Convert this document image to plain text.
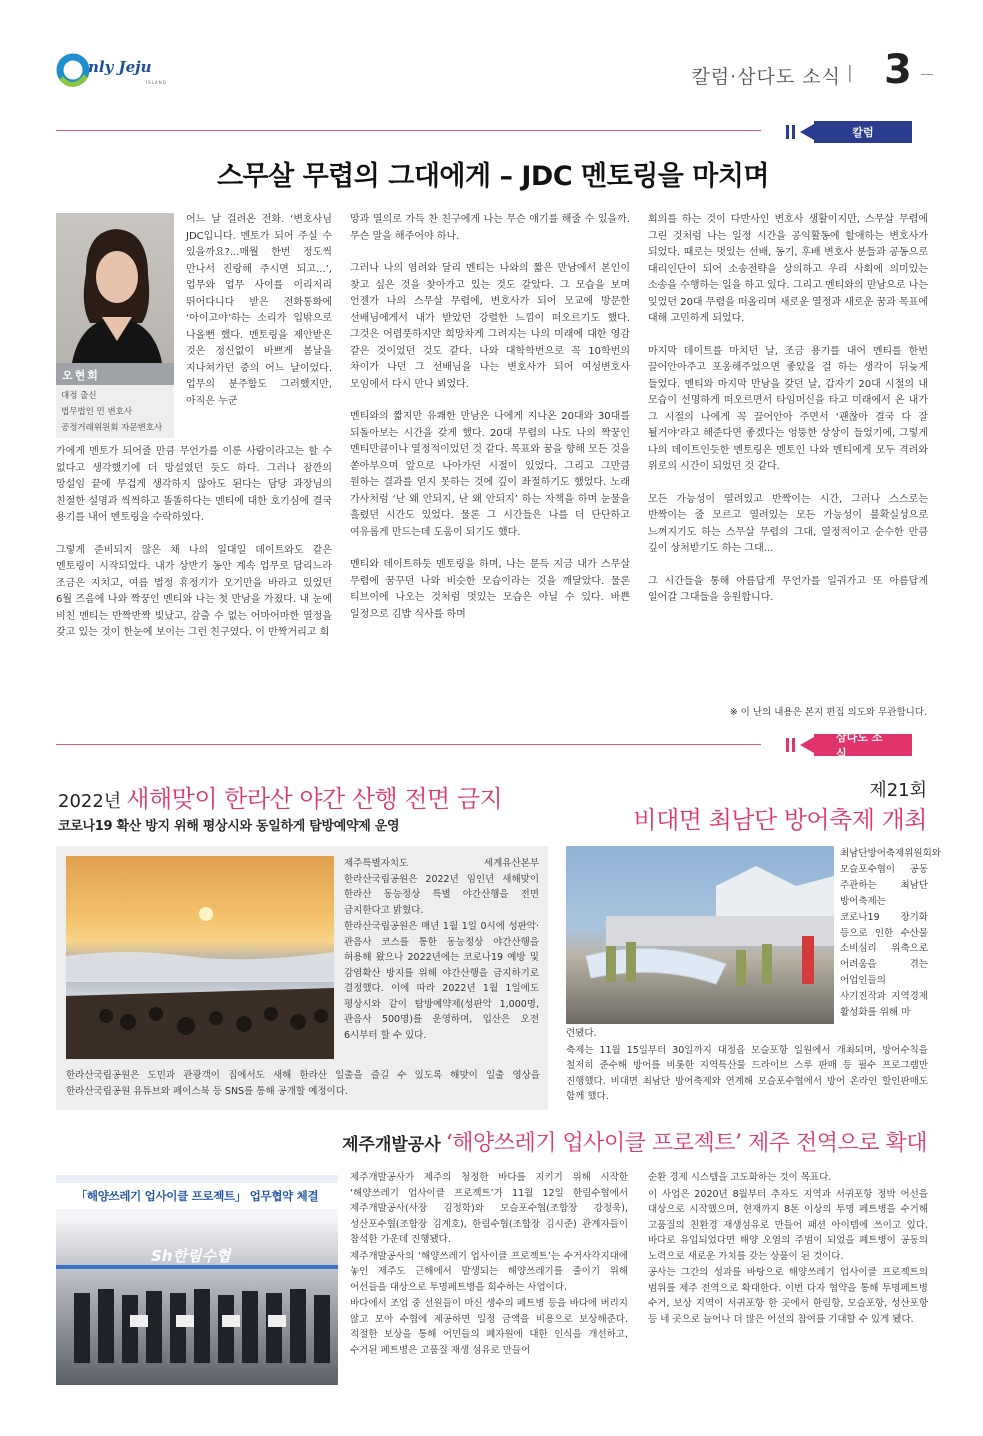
nly Jeju
ISLAND	칼럼·삼다도 소식 | 3
칼럼
스무살 무렵의 그대에게 – JDC 멘토링을 마치며
오현희
대정 출신
법무법인 민 변호사
공정거래위원회 자문변호사
어느 날 걸려온 전화. ‘변호사님 JDC입니다. 멘토가 되어 주실 수 있을까요?...매월 한번 정도씩 만나서 진랑해 주시면 되고...’, 업무와 업무 사이를 이리저리 뛰어다니다 받은 전화통화에 ‘아이고야’하는 소리가 입밖으로 나올뻔 했다. 멘토링을 제안받은 것은 정신없이 바쁘게 봄날을 지나쳐가던 중의 어느 날이었다. 업무의 분주함도 그러했지만, 아직은 누군

가에게 멘토가 되어줄 만큼 무언가를 이룬 사람이라고는 할 수 없다고 생각했기에 더 망설였던 듯도 하다. 그러나 잠깐의 망설임 끝에 무겁게 생각하지 않아도 된다는 담당 과장님의 친절한 설명과 씩씩하고 똘똘하다는 멘티에 대한 호기심에 결국 용기를 내어 멘토링을 수락하였다.

그렇게 준비되지 않은 채 나의 일대일 데이트와도 같은 멘토링이 시작되었다. 내가 상반기 동안 계속 업무로 답리느라 조금은 지치고, 여름 법정 휴정기가 오기만을 바라고 있었던 6월 즈음에 나와 짝꿍인 멘티와 나는 첫 만남을 가졌다. 내 눈에 비친 멘티는 반짝반짝 빛났고, 감출 수 없는 어마어마한 열정을 갖고 있는 것이 한눈에 보이는 그런 친구였다. 이 반짝거리고 희

망과 열의로 가득 찬 친구에게 나는 무슨 얘기를 해줄 수 있을까. 무슨 말을 해주어야 하나.

그러나 나의 염려와 달리 멘티는 나와의 짧은 만남에서 본인이 찾고 싶은 것을 찾아가고 있는 것도 같았다. 그 모습을 보며 언젠가 나의 스무살 무렵에, 변호사가 되어 모교에 방문한 선배님에게서 내가 받았던 강렬한 느낌이 떠오르기도 했다. 그것은 어렴풋하지만 희망차게 그려지는 나의 미래에 대한 영감 같은 것이었던 것도 같다. 나와 대학학번으로 꼭 10학번의 차이가 나던 그 선배님을 나는 변호사가 되어 여성변호사 모임에서 다시 만나 뵈었다.

멘티와의 짧지만 유쾌한 만남은 나에게 지나온 20대와 30대를 되돌아보는 시간을 갖게 했다. 20대 무렵의 나도 나의 짝꿍인 멘티만큼이나 열정적이었던 것 같다. 목표와 꿈을 향해 모든 것을 쏟아부으며 앞으로 나아가던 시절이 있었다. 그리고 그만큼 원하는 결과를 얻지 못하는 것에 깊이 좌절하기도 했었다. 노래 가사처럼 ‘난 왜 안되지, 난 왜 안되지’ 하는 자책을 하며 눈물을 흘렸던 시간도 있었다. 물론 그 시간들은 나를 더 단단하고 여유롭게 만드는데 도움이 되기도 했다.

멘티와 데이트하듯 멘토링을 하며, 나는 문득 지금 내가 스무살 무렵에 꿈꾸던 나와 비슷한 모습이라는 것을 깨달았다. 물론 티브이에 나오는 것처럼 멋있는 모습은 아닐 수 있다. 바쁜 일정으로 김밥 식사를 하며

회의를 하는 것이 다반사인 변호사 생활이지만, 스무살 무렵에 그린 것처럼 나는 일정 시간을 공익활동에 할애하는 변호사가 되었다. 때로는 멋있는 선배, 동기, 후배 변호사 분들과 공동으로 대리인단이 되어 소송전략을 상의하고 우리 사회에 의미있는 소송을 수행하는 일을 하고 있다. 그리고 멘티와의 만남으로 나는 잊었던 20대 무렵을 떠올리며 새로운 열정과 새로운 꿈과 목표에 대해 고민하게 되었다.

마지막 데이트를 마치던 날, 조금 용기를 내어 멘티를 한번 끌어안아주고 포옹해주었으면 좋았을 걸 하는 생각이 뒤늦게 들었다. 멘티와 마지막 만남을 갖던 날, 갑자기 20대 시절의 내 모습이 선명하게 떠오르면서 타임머신을 타고 미래에서 온 내가 그 시절의 나에게 꼭 끌어안아 주면서 ‘괜찮아 결국 다 잘 될거야’라고 해준다면 좋겠다는 엉뚱한 상상이 들었기에, 그렇게 나의 데이트인듯한 멘토링은 멘토인 나와 멘티에게 모두 격려와 위로의 시간이 되었던 것 같다.

모든 가능성이 열려있고 반짝이는 시간, 그러나 스스로는 반짝이는 줄 모르고 열려있는 모든 가능성이 불확실성으로 느껴지기도 하는 스무살 무렵의 그대, 열정적이고 순수한 만큼 깊이 상처받기도 하는 그대...

그 시간들을 통해 아름답게 무언가를 일궈가고 또 아름답게 일어갈 그대들을 응원합니다.

※ 이 난의 내용은 본지 편집 의도와 무관합니다.
삼다도 소식
2022년 새해맞이 한라산 야간 산행 전면 금지
코로나19 확산 방지 위해 평상시와 동일하게 탐방예약제 운영

제주특별자치도 세계유산본부 한라산국립공원은 2022년 임인년 새해맞이 한라산 동능정상 특별 야간산행을 전면 금지한다고 밝혔다.

한라산국립공원은 매년 1월 1일 0시에 성판악·관음사 코스를 통한 동능정상 야간산행을 허용해 왔으나 2022년에는 코로나19 예방 및 감염확산 방지를 위해 야간산행을 금지하기로 결정했다. 이에 따라 2022년 1월 1일에도 평상시와 같이 탐방예약제(성판악 1,000명, 관음사 500명)를 운영하며, 입산은 오전 6시부터 할 수 있다.

한라산국립공원은 도민과 관광객이 집에서도 새해 한라산 일출을 즐길 수 있도록 해맞이 일출 영상을 한라산국립공원 유튜브와 페이스북 등 SNS를 통해 공개할 예정이다.
제21회
비대면 최남단 방어축제 개최
최남단방어축제위원회와 모슬포수협이 공동 주관하는 최남단 방어축제는 코로나19 장기화 등으로 인한 수산물 소비심리 위축으로 어려움을 겪는 어업인들의 사기진작과 지역경제 활성화를 위해 마

련됐다.

축제는 11월 15일부터 30일까지 대정읍 모슬포항 일원에서 개최되며, 방어수칙을 철저히 준수해 방어를 비롯한 지역특산물 드라이브 스루 판매 등 필수 프로그램만 진행했다. 비대면 최남단 방어축제와 연계해 모슬포수협에서 방어 온라인 할인판매도 함께 했다.

제주개발공사 ‘해양쓰레기 업사이클 프로젝트’ 제주 전역으로 확대
「해양쓰레기 업사이클 프로젝트」 업무협약 체결
Sh한림수협

제주개발공사가 제주의 청정한 바다를 지키기 위해 시작한 ‘해양쓰레기 업사이클 프로젝트’가 11월 12일 한림수협에서 제주개발공사(사장 김정학)와 모슬포수협(조합장 강정욱), 성산포수협(조합장 김계호), 한림수협(조합장 김시준) 관계자들이 참석한 가운데 진행됐다.

제주개발공사의 ‘해양쓰레기 업사이클 프로젝트’는 수거사각지대에 놓인 제주도 근해에서 발생되는 해양쓰레기를 줄이기 위해 어선들을 대상으로 투명페트병을 회수하는 사업이다.

바다에서 조업 중 선원들이 마신 생수의 페트병 등을 바다에 버리지 않고 모아 수협에 제공하면 일정 금액을 비용으로 보상해준다. 적절한 보상을 통해 어민들의 폐자원에 대한 인식을 개선하고, 수거된 페트병은 고품질 재생 섬유로 만들어

순환 경제 시스템을 고도화하는 것이 목표다.

이 사업은 2020년 8월부터 추자도 지역과 서귀포항 정박 어선을 대상으로 시작했으며, 현재까지 8톤 이상의 투명 페트병을 수거해 고품질의 친환경 재생섬유로 만들어 패션 아이템에 쓰이고 있다. 바다로 유입되었다면 해양 오염의 주범이 되었을 폐트병이 공동의 노력으로 새로운 가치를 갖는 상품이 된 것이다.

공사는 그간의 성과를 바탕으로 해양쓰레기 업사이클 프로젝트의 범위를 제주 전역으로 확대한다. 이번 다자 협약을 통해 투명페트병 수거, 보상 지역이 서귀포항 한 곳에서 한림항, 모슬포항, 성산포항 등 네 곳으로 늘어나 더 많은 어선의 참여를 기대할 수 있게 됐다.
